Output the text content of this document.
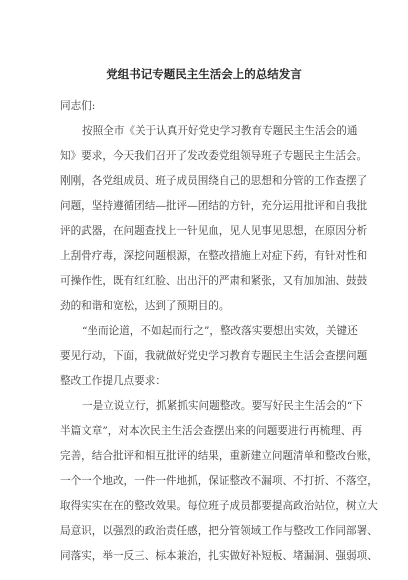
党组书记专题民主生活会上的总结发言

同志们:

按照全市《关于认真开好党史学习教育专题民主生活会的通

知》要求，今天我们召开了发改委党组领导班子专题民主生活会。

刚刚，各党组成员、班子成员围绕自己的思想和分管的工作查摆了

问题，坚持遵循团结—批评—团结的方针，充分运用批评和自我批

评的武器，在问题查找上一针见血，见人见事见思想，在原因分析

上刮骨疗毒，深挖问题根源，在整改措施上对症下药，有针对性和

可操作性，既有红红脸、出出汗的严肃和紧张，又有加加油、鼓鼓

劲的和谐和宽松，达到了预期目的。

“坐而论道，不如起而行之”，整改落实要想出实效，关键还

要见行动，下面，我就做好党史学习教育专题民主生活会查摆问题

整改工作提几点要求：

一是立说立行，抓紧抓实问题整改。要写好民主生活会的“下

半篇文章”，对本次民主生活会查摆出来的问题要进行再梳理、再

完善，结合批评和相互批评的结果，重新建立问题清单和整改台账，

一个一个地改，一件一件地抓，保证整改不漏项、不打折、不落空，

取得实实在在的整改效果。每位班子成员都要提高政治站位，树立大

局意识，以强烈的政治责任感，把分管领域工作与整改工作同部署、

同落实，举一反三、标本兼治，扎实做好补短板、堵漏洞、强弱项、
